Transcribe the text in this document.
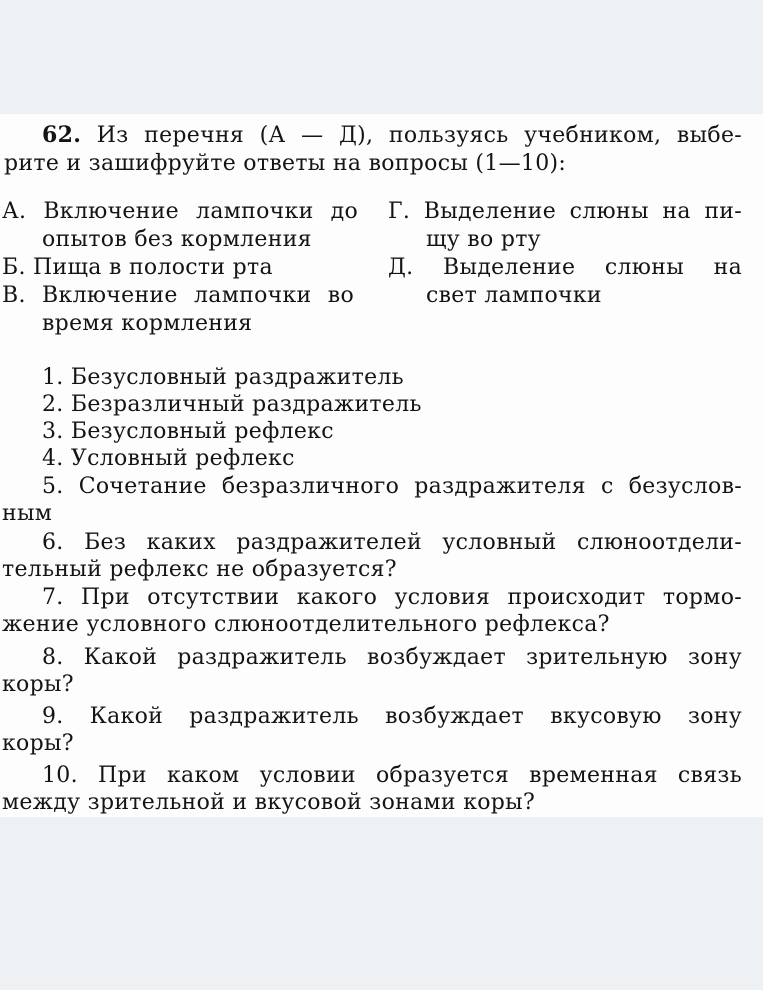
62. Из перечня (А — Д), пользуясь учебником, выбе-
рите и зашифруйте ответы на вопросы (1—10):
А. Включение лампочки до
опытов без кормления
Б. Пища в полости рта
В. Включение лампочки во
время кормления
Г. Выделение слюны на пи-
щу во рту
Д. Выделение слюны на
свет лампочки
1. Безусловный раздражитель
2. Безразличный раздражитель
3. Безусловный рефлекс
4. Условный рефлекс
5. Сочетание безразличного раздражителя с безуслов-
ным
6. Без каких раздражителей условный слюноотдели-
тельный рефлекс не образуется?
7. При отсутствии какого условия происходит тормо-
жение условного слюноотделительного рефлекса?
8. Какой раздражитель возбуждает зрительную зону
коры?
9. Какой раздражитель возбуждает вкусовую зону
коры?
10. При каком условии образуется временная связь
между зрительной и вкусовой зонами коры?
